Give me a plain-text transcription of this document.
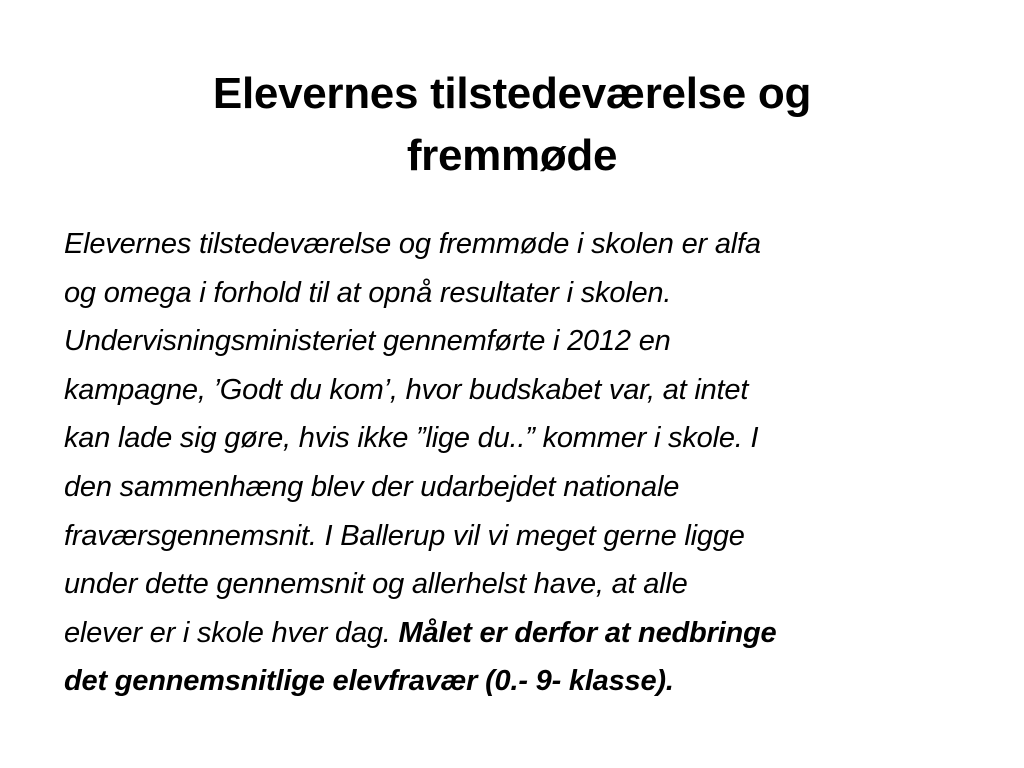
Elevernes tilstedeværelse og
fremmøde
Elevernes tilstedeværelse og fremmøde i skolen er alfa
og omega i forhold til at opnå resultater i skolen.
Undervisningsministeriet gennemførte i 2012 en
kampagne, ’Godt du kom’, hvor budskabet var, at intet
kan lade sig gøre, hvis ikke ”lige du..” kommer i skole. I
den sammenhæng blev der udarbejdet nationale
fraværsgennemsnit. I Ballerup vil vi meget gerne ligge
under dette gennemsnit og allerhelst have, at alle
elever er i skole hver dag. Målet er derfor at nedbringe
det gennemsnitlige elevfravær (0.- 9- klasse).
